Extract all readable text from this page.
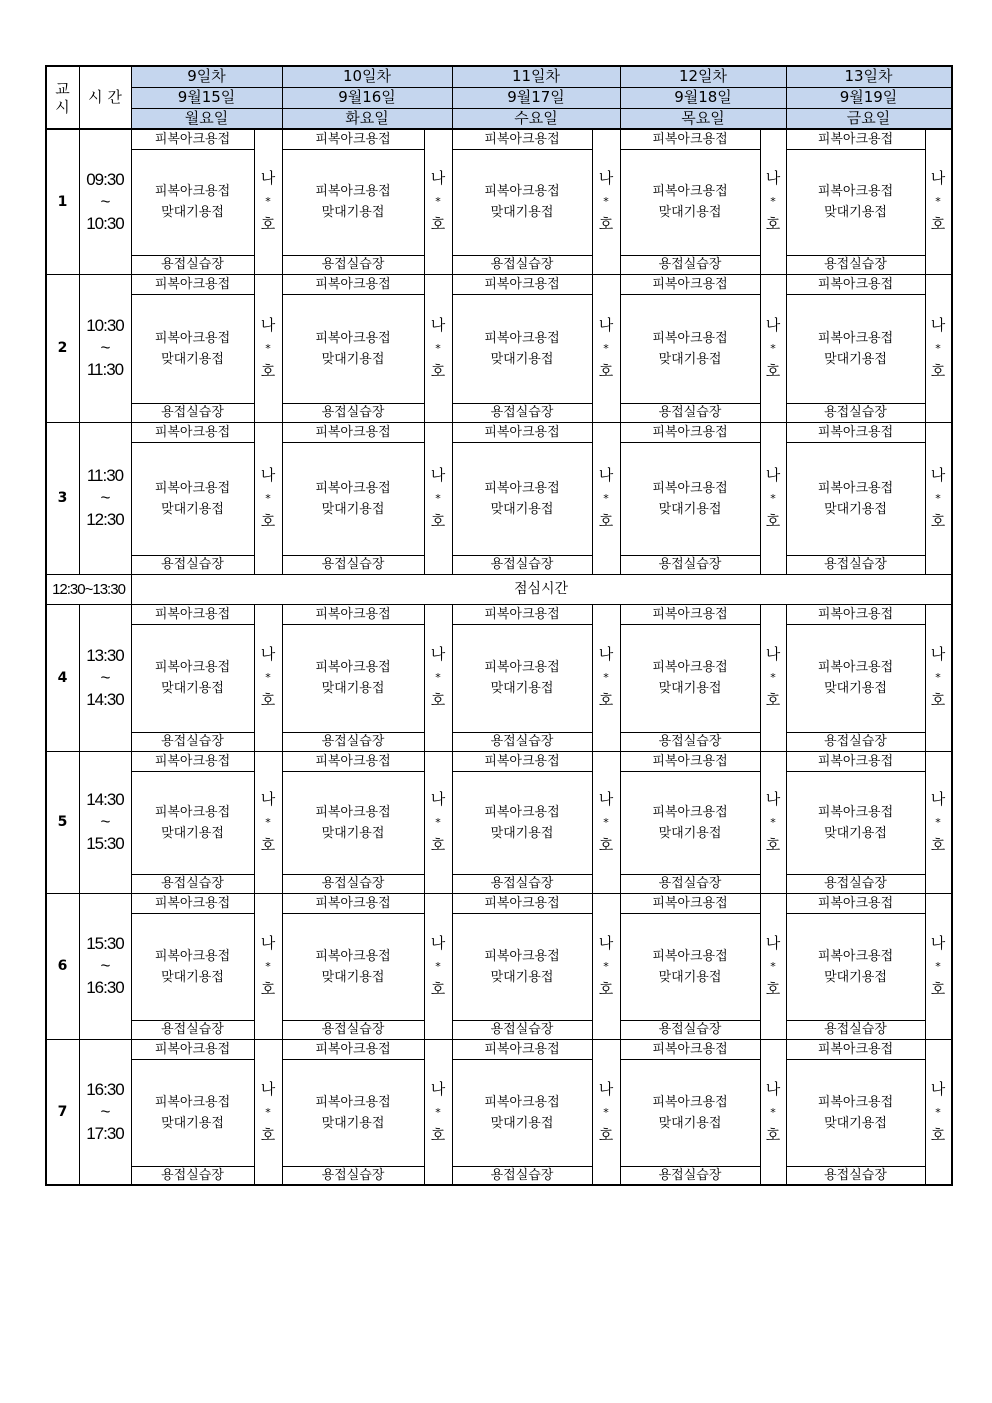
교
시
시 간
9일차
9월15일
월요일
10일차
9월16일
화요일
11일차
9월17일
수요일
12일차
9월18일
목요일
13일차
9월19일
금요일
1
09:30
~
10:30
피복아크용접
피복아크용접
맞대기용접
용접실습장
나
*
호
피복아크용접
피복아크용접
맞대기용접
용접실습장
나
*
호
피복아크용접
피복아크용접
맞대기용접
용접실습장
나
*
호
피복아크용접
피복아크용접
맞대기용접
용접실습장
나
*
호
피복아크용접
피복아크용접
맞대기용접
용접실습장
나
*
호
2
10:30
~
11:30
피복아크용접
피복아크용접
맞대기용접
용접실습장
나
*
호
피복아크용접
피복아크용접
맞대기용접
용접실습장
나
*
호
피복아크용접
피복아크용접
맞대기용접
용접실습장
나
*
호
피복아크용접
피복아크용접
맞대기용접
용접실습장
나
*
호
피복아크용접
피복아크용접
맞대기용접
용접실습장
나
*
호
3
11:30
~
12:30
피복아크용접
피복아크용접
맞대기용접
용접실습장
나
*
호
피복아크용접
피복아크용접
맞대기용접
용접실습장
나
*
호
피복아크용접
피복아크용접
맞대기용접
용접실습장
나
*
호
피복아크용접
피복아크용접
맞대기용접
용접실습장
나
*
호
피복아크용접
피복아크용접
맞대기용접
용접실습장
나
*
호
4
13:30
~
14:30
피복아크용접
피복아크용접
맞대기용접
용접실습장
나
*
호
피복아크용접
피복아크용접
맞대기용접
용접실습장
나
*
호
피복아크용접
피복아크용접
맞대기용접
용접실습장
나
*
호
피복아크용접
피복아크용접
맞대기용접
용접실습장
나
*
호
피복아크용접
피복아크용접
맞대기용접
용접실습장
나
*
호
5
14:30
~
15:30
피복아크용접
피복아크용접
맞대기용접
용접실습장
나
*
호
피복아크용접
피복아크용접
맞대기용접
용접실습장
나
*
호
피복아크용접
피복아크용접
맞대기용접
용접실습장
나
*
호
피복아크용접
피복아크용접
맞대기용접
용접실습장
나
*
호
피복아크용접
피복아크용접
맞대기용접
용접실습장
나
*
호
6
15:30
~
16:30
피복아크용접
피복아크용접
맞대기용접
용접실습장
나
*
호
피복아크용접
피복아크용접
맞대기용접
용접실습장
나
*
호
피복아크용접
피복아크용접
맞대기용접
용접실습장
나
*
호
피복아크용접
피복아크용접
맞대기용접
용접실습장
나
*
호
피복아크용접
피복아크용접
맞대기용접
용접실습장
나
*
호
7
16:30
~
17:30
피복아크용접
피복아크용접
맞대기용접
용접실습장
나
*
호
피복아크용접
피복아크용접
맞대기용접
용접실습장
나
*
호
피복아크용접
피복아크용접
맞대기용접
용접실습장
나
*
호
피복아크용접
피복아크용접
맞대기용접
용접실습장
나
*
호
피복아크용접
피복아크용접
맞대기용접
용접실습장
나
*
호
12:30~13:30	점심시간
